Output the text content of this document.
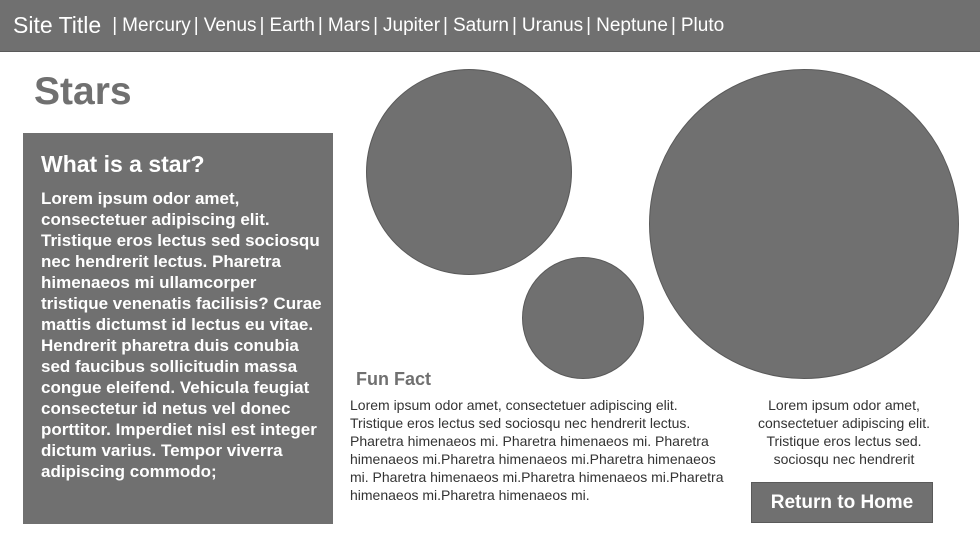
Site Title | Mercury | Venus | Earth | Mars | Jupiter | Saturn | Uranus | Neptune | Pluto
Stars
What is a star?

Lorem ipsum odor amet, consectetuer adipiscing elit. Tristique eros lectus sed sociosqu nec hendrerit lectus. Pharetra himenaeos mi ullamcorper tristique venenatis facilisis? Curae mattis dictumst id lectus eu vitae. Hendrerit pharetra duis conubia sed faucibus sollicitudin massa congue eleifend. Vehicula feugiat consectetur id netus vel donec porttitor. Imperdiet nisl est integer dictum varius. Tempor viverra adipiscing commodo;

Fun Fact

Lorem ipsum odor amet, consectetuer adipiscing elit. Tristique eros lectus sed sociosqu nec hendrerit lectus. Pharetra himenaeos mi. Pharetra himenaeos mi. Pharetra himenaeos mi.Pharetra himenaeos mi.Pharetra himenaeos mi. Pharetra himenaeos mi.Pharetra himenaeos mi.Pharetra himenaeos mi.Pharetra himenaeos mi.

Lorem ipsum odor amet, consectetuer adipiscing elit. Tristique eros lectus sed. sociosqu nec hendrerit

Return to Home
